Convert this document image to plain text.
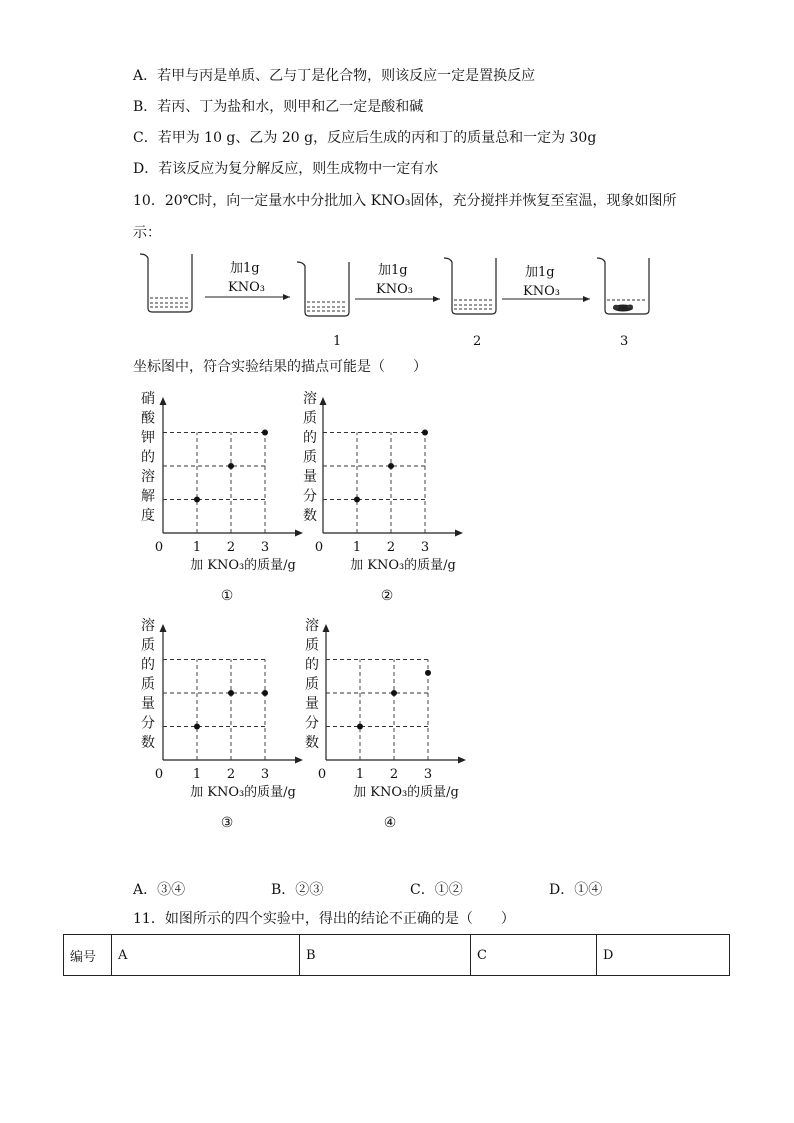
A．若甲与丙是单质、乙与丁是化合物，则该反应一定是置换反应
B．若丙、丁为盐和水，则甲和乙一定是酸和碱
C．若甲为 10 g、乙为 20 g，反应后生成的丙和丁的质量总和一定为 30g
D．若该反应为复分解反应，则生成物中一定有水
10．20℃时，向一定量水中分批加入 KNO₃固体，充分搅拌并恢复至室温，现象如图所
示：
加1g
KNO₃
加1g
KNO₃
加1g
KNO₃
1	2	3
坐标图中，符合实验结果的描点可能是（　　）
0 1 2 3
硝
酸
钾
的
溶
解
度
加 KNO₃的质量/g
①
0 1 2 3
溶
质
的
质
量
分
数
加 KNO₃的质量/g
②
0 1 2 3
溶
质
的
质
量
分
数
加 KNO₃的质量/g
③
0 1 2 3
溶
质
的
质
量
分
数
加 KNO₃的质量/g
④
A．③④	B．②③	C．①②	D．①④
11．如图所示的四个实验中，得出的结论不正确的是（　　）
编号	A	B	C	D
